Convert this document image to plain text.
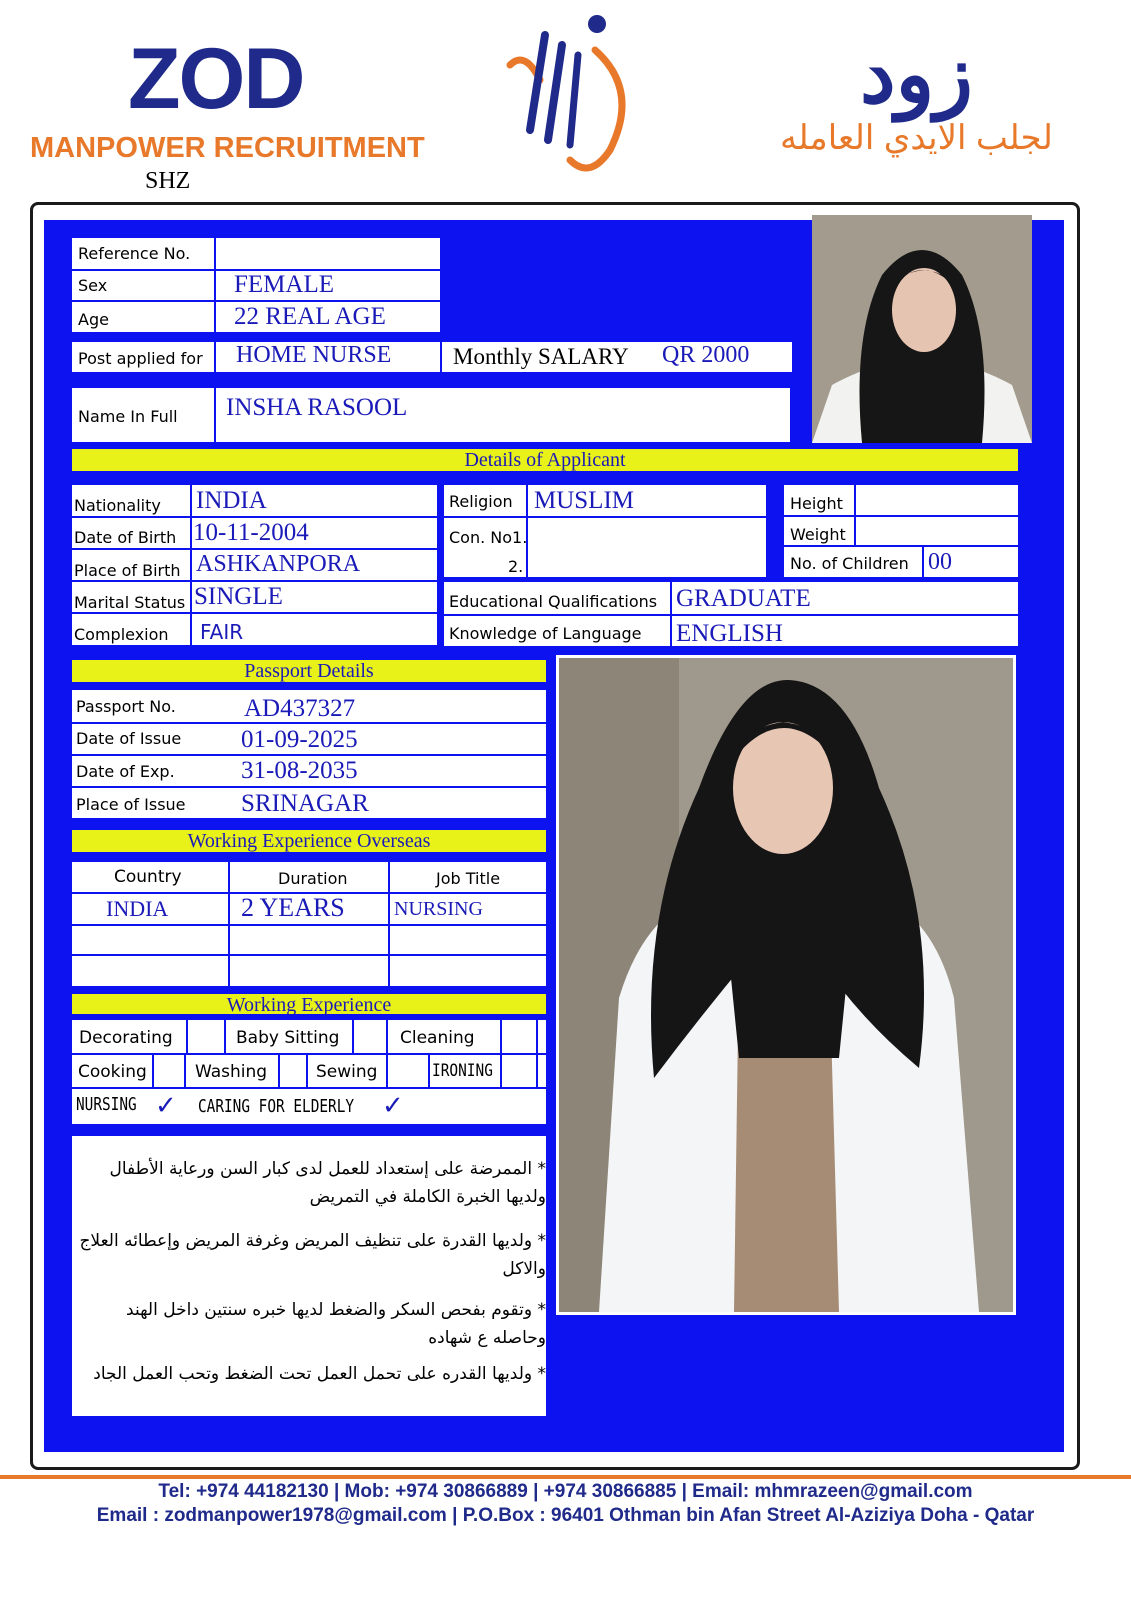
ZOD
MANPOWER RECRUITMENT
SHZ
زود
لجلب الايدي العامله
Reference No.
Sex	FEMALE
Age	22 REAL AGE
Post applied for HOME NURSE	Monthly SALARY QR 2000
Name In Full INSHA RASOOL
Details of Applicant
Nationality INDIA
Date of Birth 10-11-2004
Place of Birth ASHKANPORA
Marital Status SINGLE
Complexion FAIR
Religion MUSLIM
Con. No1.
2.
Height
Weight
No. of Children 00
Educational Qualifications GRADUATE
Knowledge of Language ENGLISH
Passport Details
Passport No.	AD437327
Date of Issue 01-09-2025
Date of Exp.	31-08-2035
Place of Issue SRINAGAR
Working Experience Overseas
Country	Duration	Job Title
INDIA	2 YEARS NURSING
Working Experience
Decorating	Baby Sitting	Cleaning
Cooking	Washing	Sewing	IRONING
NURSING ✓ CARING FOR ELDERLY ✓
* الممرضة على إستعداد للعمل لدى كبار السن ورعاية الأطفال ولديها الخبرة الكاملة في التمريض
* ولديها القدرة على تنظيف المريض وغرفة المريض وإعطائه العلاج والاكل
* وتقوم بفحص السكر والضغط لديها خبره سنتين داخل الهند وحاصله ع شهاده
* ولديها القدره على تحمل العمل تحت الضغط وتحب العمل الجاد
Tel: +974 44182130 | Mob: +974 30866889 | +974 30866885 | Email: mhmrazeen@gmail.com
Email : zodmanpower1978@gmail.com | P.O.Box : 96401 Othman bin Afan Street Al-Aziziya Doha - Qatar
